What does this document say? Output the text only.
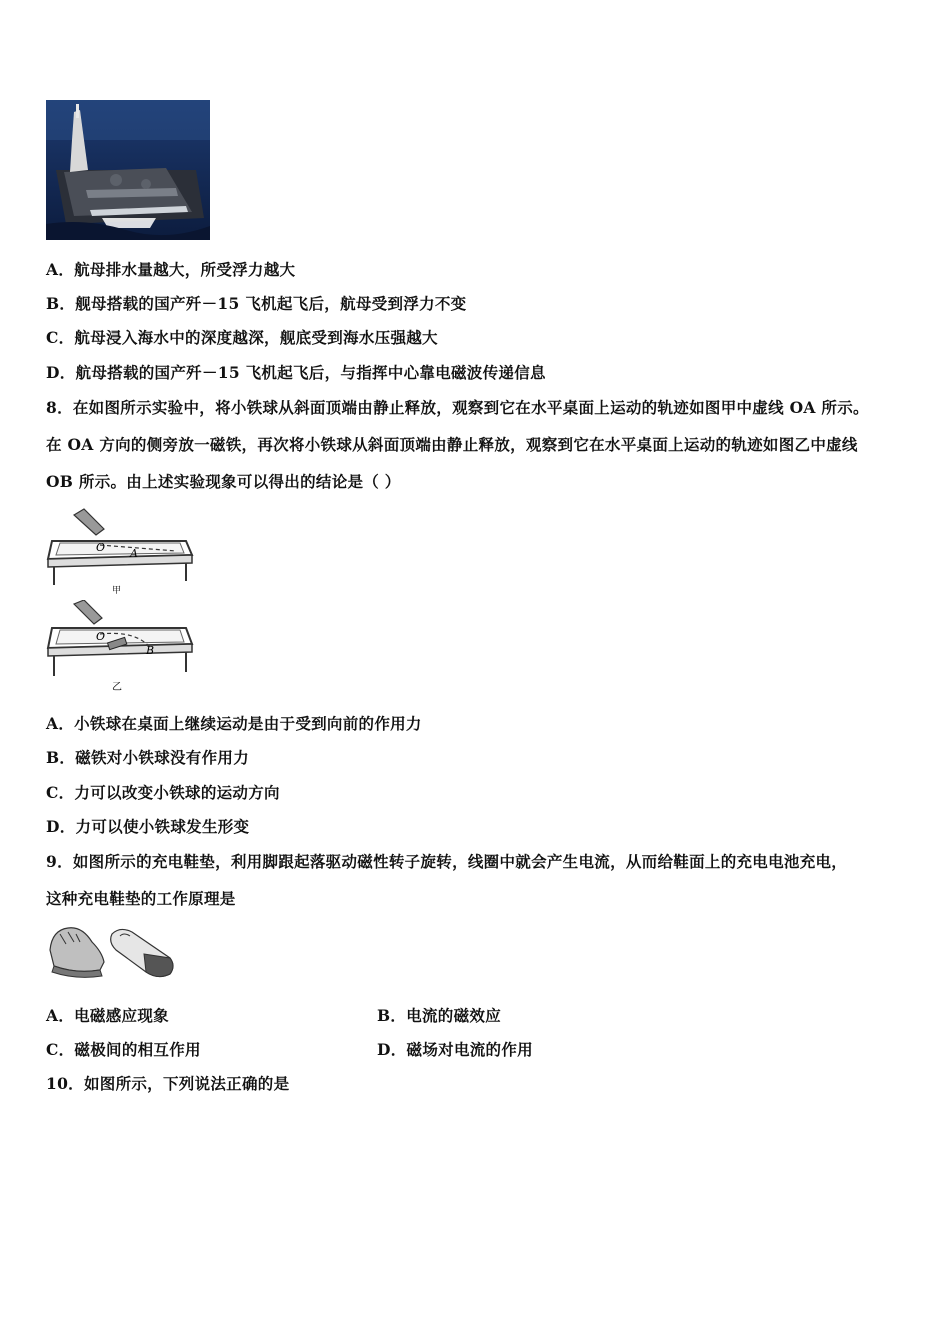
A．航母排水量越大，所受浮力越大
B．舰母搭载的国产歼－15 飞机起飞后，航母受到浮力不变
C．航母浸入海水中的深度越深，舰底受到海水压强越大
D．航母搭载的国产歼－15 飞机起飞后，与指挥中心靠电磁波传递信息
8．在如图所示实验中，将小铁球从斜面顶端由静止释放，观察到它在水平桌面上运动的轨迹如图甲中虚线 OA 所示。
在 OA 方向的侧旁放一磁铁，再次将小铁球从斜面顶端由静止释放，观察到它在水平桌面上运动的轨迹如图乙中虚线
OB 所示。由上述实验现象可以得出的结论是（ ）
O A
甲
O
B
乙
A．小铁球在桌面上继续运动是由于受到向前的作用力
B．磁铁对小铁球没有作用力
C．力可以改变小铁球的运动方向
D．力可以使小铁球发生形变
9．如图所示的充电鞋垫，利用脚跟起落驱动磁性转子旋转，线圈中就会产生电流，从而给鞋面上的充电电池充电，
这种充电鞋垫的工作原理是
A．电磁感应现象	B．电流的磁效应
C．磁极间的相互作用	D．磁场对电流的作用
10．如图所示，下列说法正确的是
